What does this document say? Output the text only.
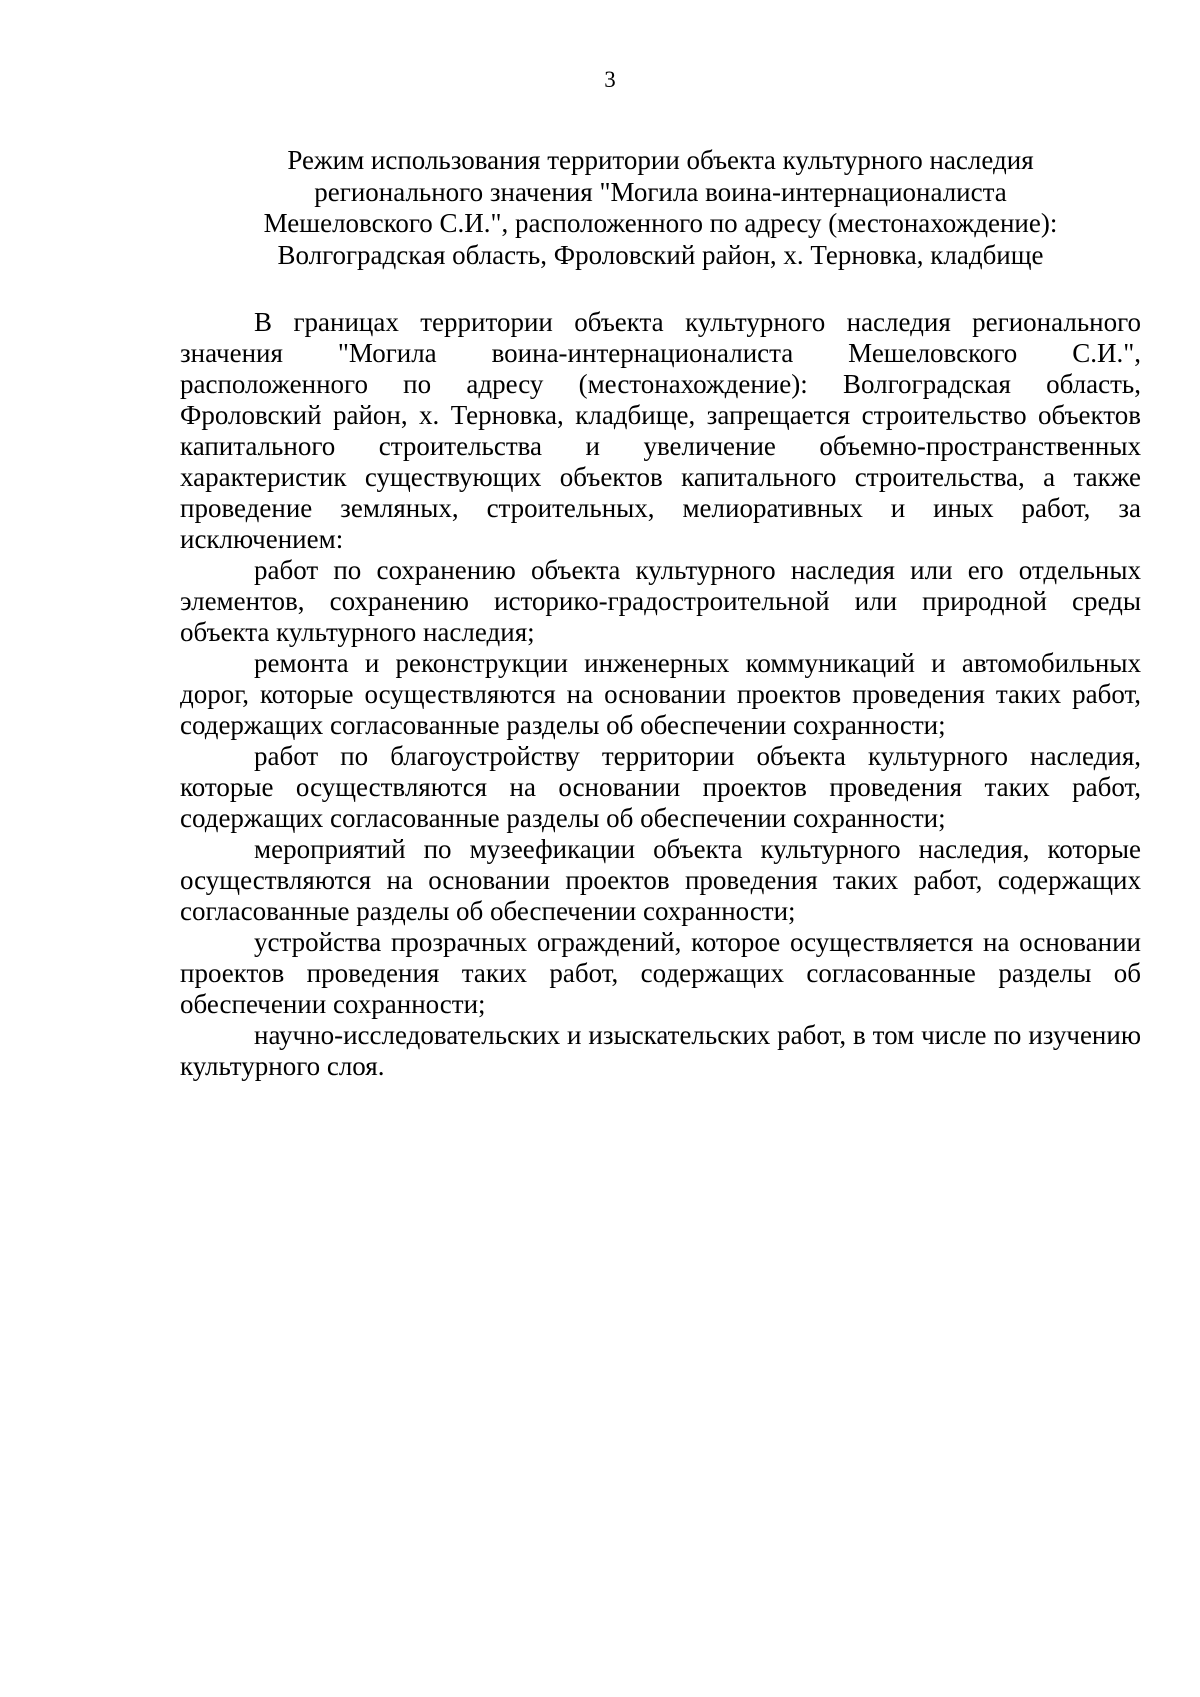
3
Режим использования территории объекта культурного наследия
регионального значения "Могила воина-интернационалиста
Мешеловского С.И.", расположенного по адресу (местонахождение):
Волгоградская область, Фроловский район, х. Терновка, кладбище

В границах территории объекта культурного наследия регионального значения "Могила воина-интернационалиста Мешеловского С.И.", расположенного по адресу (местонахождение): Волгоградская область, Фроловский район, х. Терновка, кладбище, запрещается строительство объектов капитального строительства и увеличение объемно-пространственных характеристик существующих объектов капитального строительства, а также проведение земляных, строительных, мелиоративных и иных работ, за исключением:

работ по сохранению объекта культурного наследия или его отдельных элементов, сохранению историко-градостроительной или природной среды объекта культурного наследия;

ремонта и реконструкции инженерных коммуникаций и автомобильных дорог, которые осуществляются на основании проектов проведения таких работ, содержащих согласованные разделы об обеспечении сохранности;

работ по благоустройству территории объекта культурного наследия, которые осуществляются на основании проектов проведения таких работ, содержащих согласованные разделы об обеспечении сохранности;

мероприятий по музеефикации объекта культурного наследия, которые осуществляются на основании проектов проведения таких работ, содержащих согласованные разделы об обеспечении сохранности;

устройства прозрачных ограждений, которое осуществляется на основании проектов проведения таких работ, содержащих согласованные разделы об обеспечении сохранности;

научно-исследовательских и изыскательских работ, в том числе по изучению культурного слоя.
